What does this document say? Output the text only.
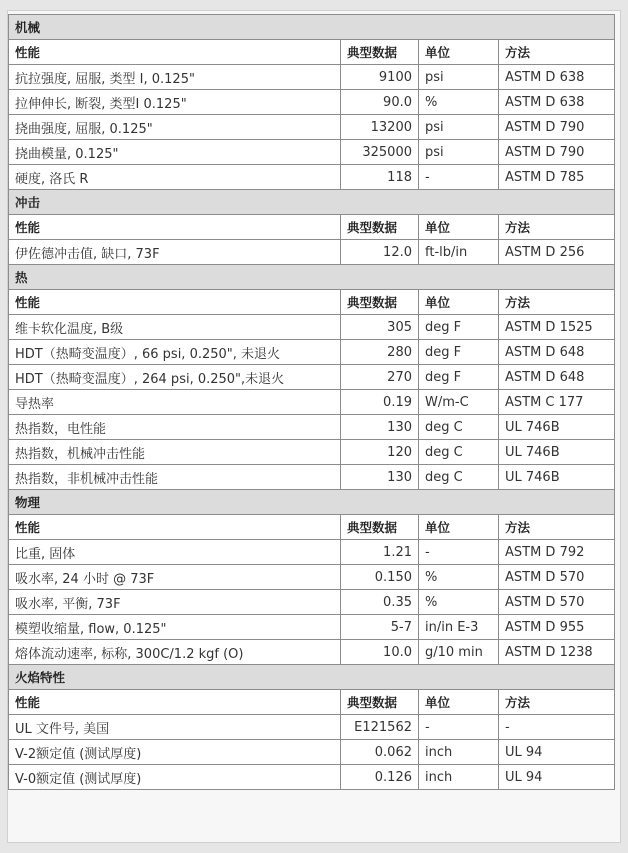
机械			
性能	典型数据	单位	方法
抗拉强度, 屈服, 类型 I, 0.125"	9100	psi	ASTM D 638
拉伸伸长, 断裂, 类型I 0.125"	90.0	%	ASTM D 638
挠曲强度, 屈服, 0.125"	13200	psi	ASTM D 790
挠曲模量, 0.125"	325000	psi	ASTM D 790
硬度, 洛氏 R	118	-	ASTM D 785
冲击			
性能	典型数据	单位	方法
伊佐德冲击值, 缺口, 73F	12.0	ft-lb/in	ASTM D 256
热			
性能	典型数据	单位	方法
维卡软化温度, B级	305	deg F	ASTM D 1525
HDT（热畸变温度）, 66 psi, 0.250", 未退火	280	deg F	ASTM D 648
HDT（热畸变温度）, 264 psi, 0.250",未退火	270	deg F	ASTM D 648
导热率	0.19	W/m-C	ASTM C 177
热指数，电性能	130	deg C	UL 746B
热指数，机械冲击性能	120	deg C	UL 746B
热指数，非机械冲击性能	130	deg C	UL 746B
物理			
性能	典型数据	单位	方法
比重, 固体	1.21	-	ASTM D 792
吸水率, 24 小时 @ 73F	0.150	%	ASTM D 570
吸水率, 平衡, 73F	0.35	%	ASTM D 570
模塑收缩量, flow, 0.125"	5-7	in/in E-3	ASTM D 955
熔体流动速率, 标称, 300C/1.2 kgf (O)	10.0	g/10 min	ASTM D 1238
火焰特性			
性能	典型数据	单位	方法
UL 文件号, 美国	E121562	-	-
V-2额定值 (测试厚度)	0.062	inch	UL 94
V-0额定值 (测试厚度)	0.126	inch	UL 94
